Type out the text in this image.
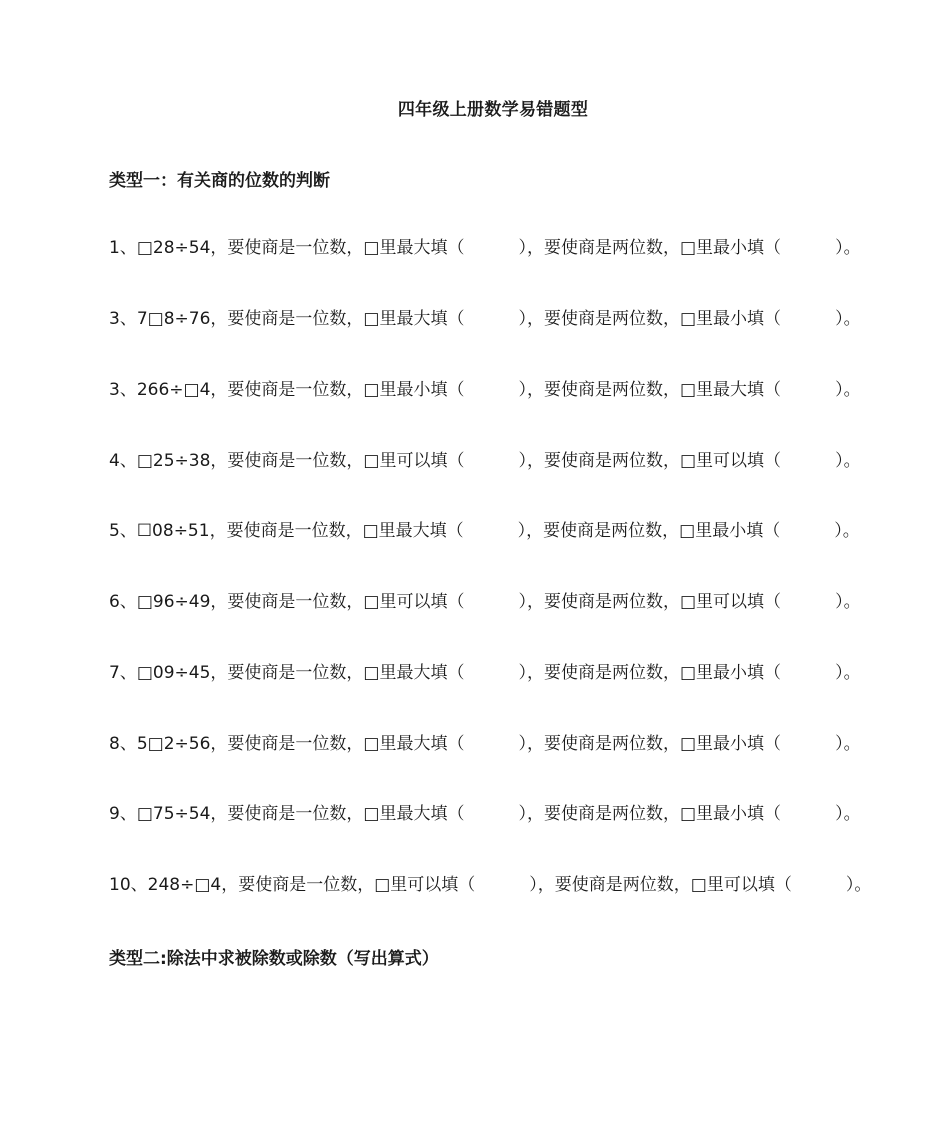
四年级上册数学易错题型
类型一：有关商的位数的判断
1、□28÷54，要使商是一位数，□里最大填（          ），要使商是两位数，□里最小填（          ）。
3、7□8÷76，要使商是一位数，□里最大填（          ），要使商是两位数，□里最小填（          ）。
3、266÷□4，要使商是一位数，□里最小填（          ），要使商是两位数，□里最大填（          ）。
4、□25÷38，要使商是一位数，□里可以填（          ），要使商是两位数，□里可以填（          ）。
5、☐08÷51，要使商是一位数，□里最大填（          ），要使商是两位数，□里最小填（          ）。
6、□96÷49，要使商是一位数，□里可以填（          ），要使商是两位数，□里可以填（          ）。
7、□09÷45，要使商是一位数，□里最大填（          ），要使商是两位数，□里最小填（          ）。
8、5□2÷56，要使商是一位数，□里最大填（          ），要使商是两位数，□里最小填（          ）。
9、□75÷54，要使商是一位数，□里最大填（          ），要使商是两位数，□里最小填（          ）。
10、248÷□4，要使商是一位数，□里可以填（          ），要使商是两位数，□里可以填（          ）。
类型二:除法中求被除数或除数（写出算式）
